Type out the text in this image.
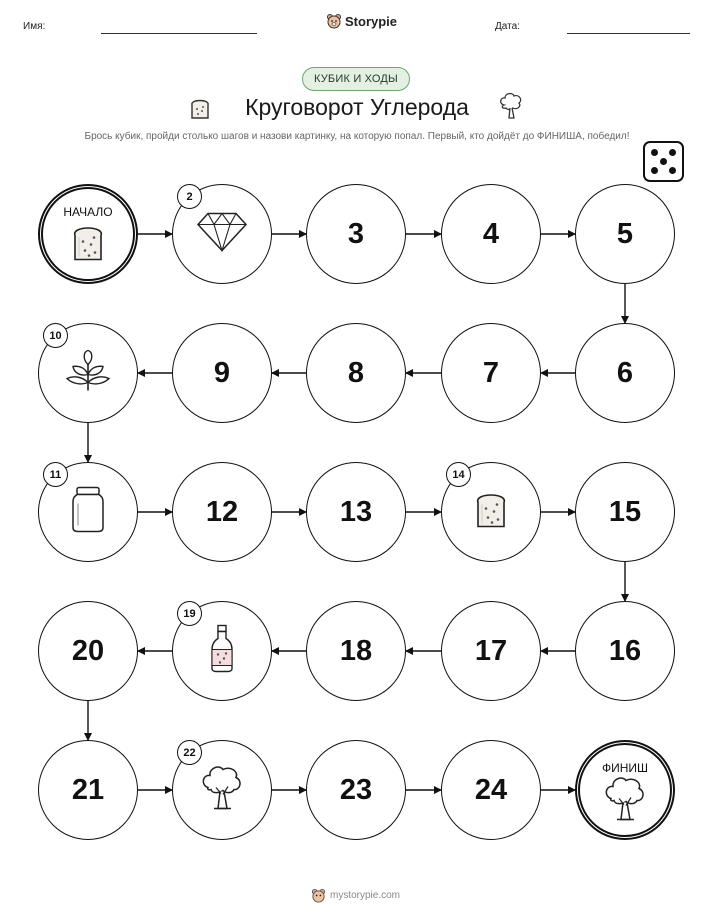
Имя:	Storypie	Дата:
КУБИК И ХОДЫ
Круговорот Углерода
Брось кубик, пройди столько шагов и назови картинку, на которую попал. Первый, кто дойдёт до ФИНИША, победил!
НАЧАЛО
2
3	4	5
6
7
8
9
10
11
12	13
14
15
16
17
18
19
20
21
22
23	24
ФИНИШ
mystorypie.com
